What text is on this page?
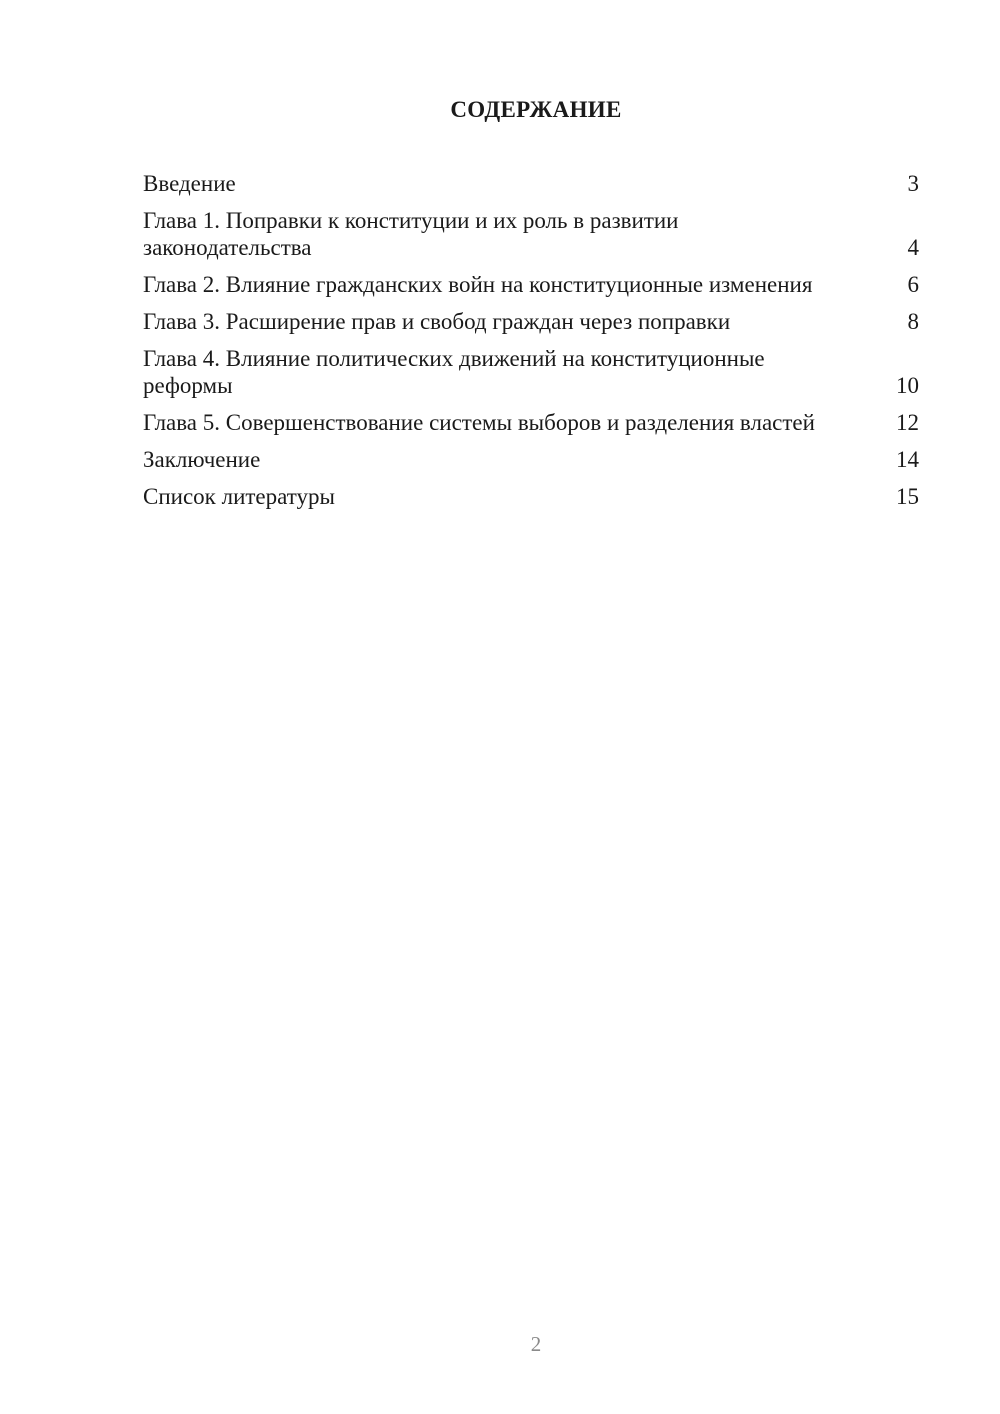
СОДЕРЖАНИЕ
Введение	3
Глава 1. Поправки к конституции и их роль в развитии законодательства	4
Глава 2. Влияние гражданских войн на конституционные изменения	6
Глава 3. Расширение прав и свобод граждан через поправки	8
Глава 4. Влияние политических движений на конституционные реформы	10
Глава 5. Совершенствование системы выборов и разделения властей	12
Заключение	14
Список литературы	15
2
